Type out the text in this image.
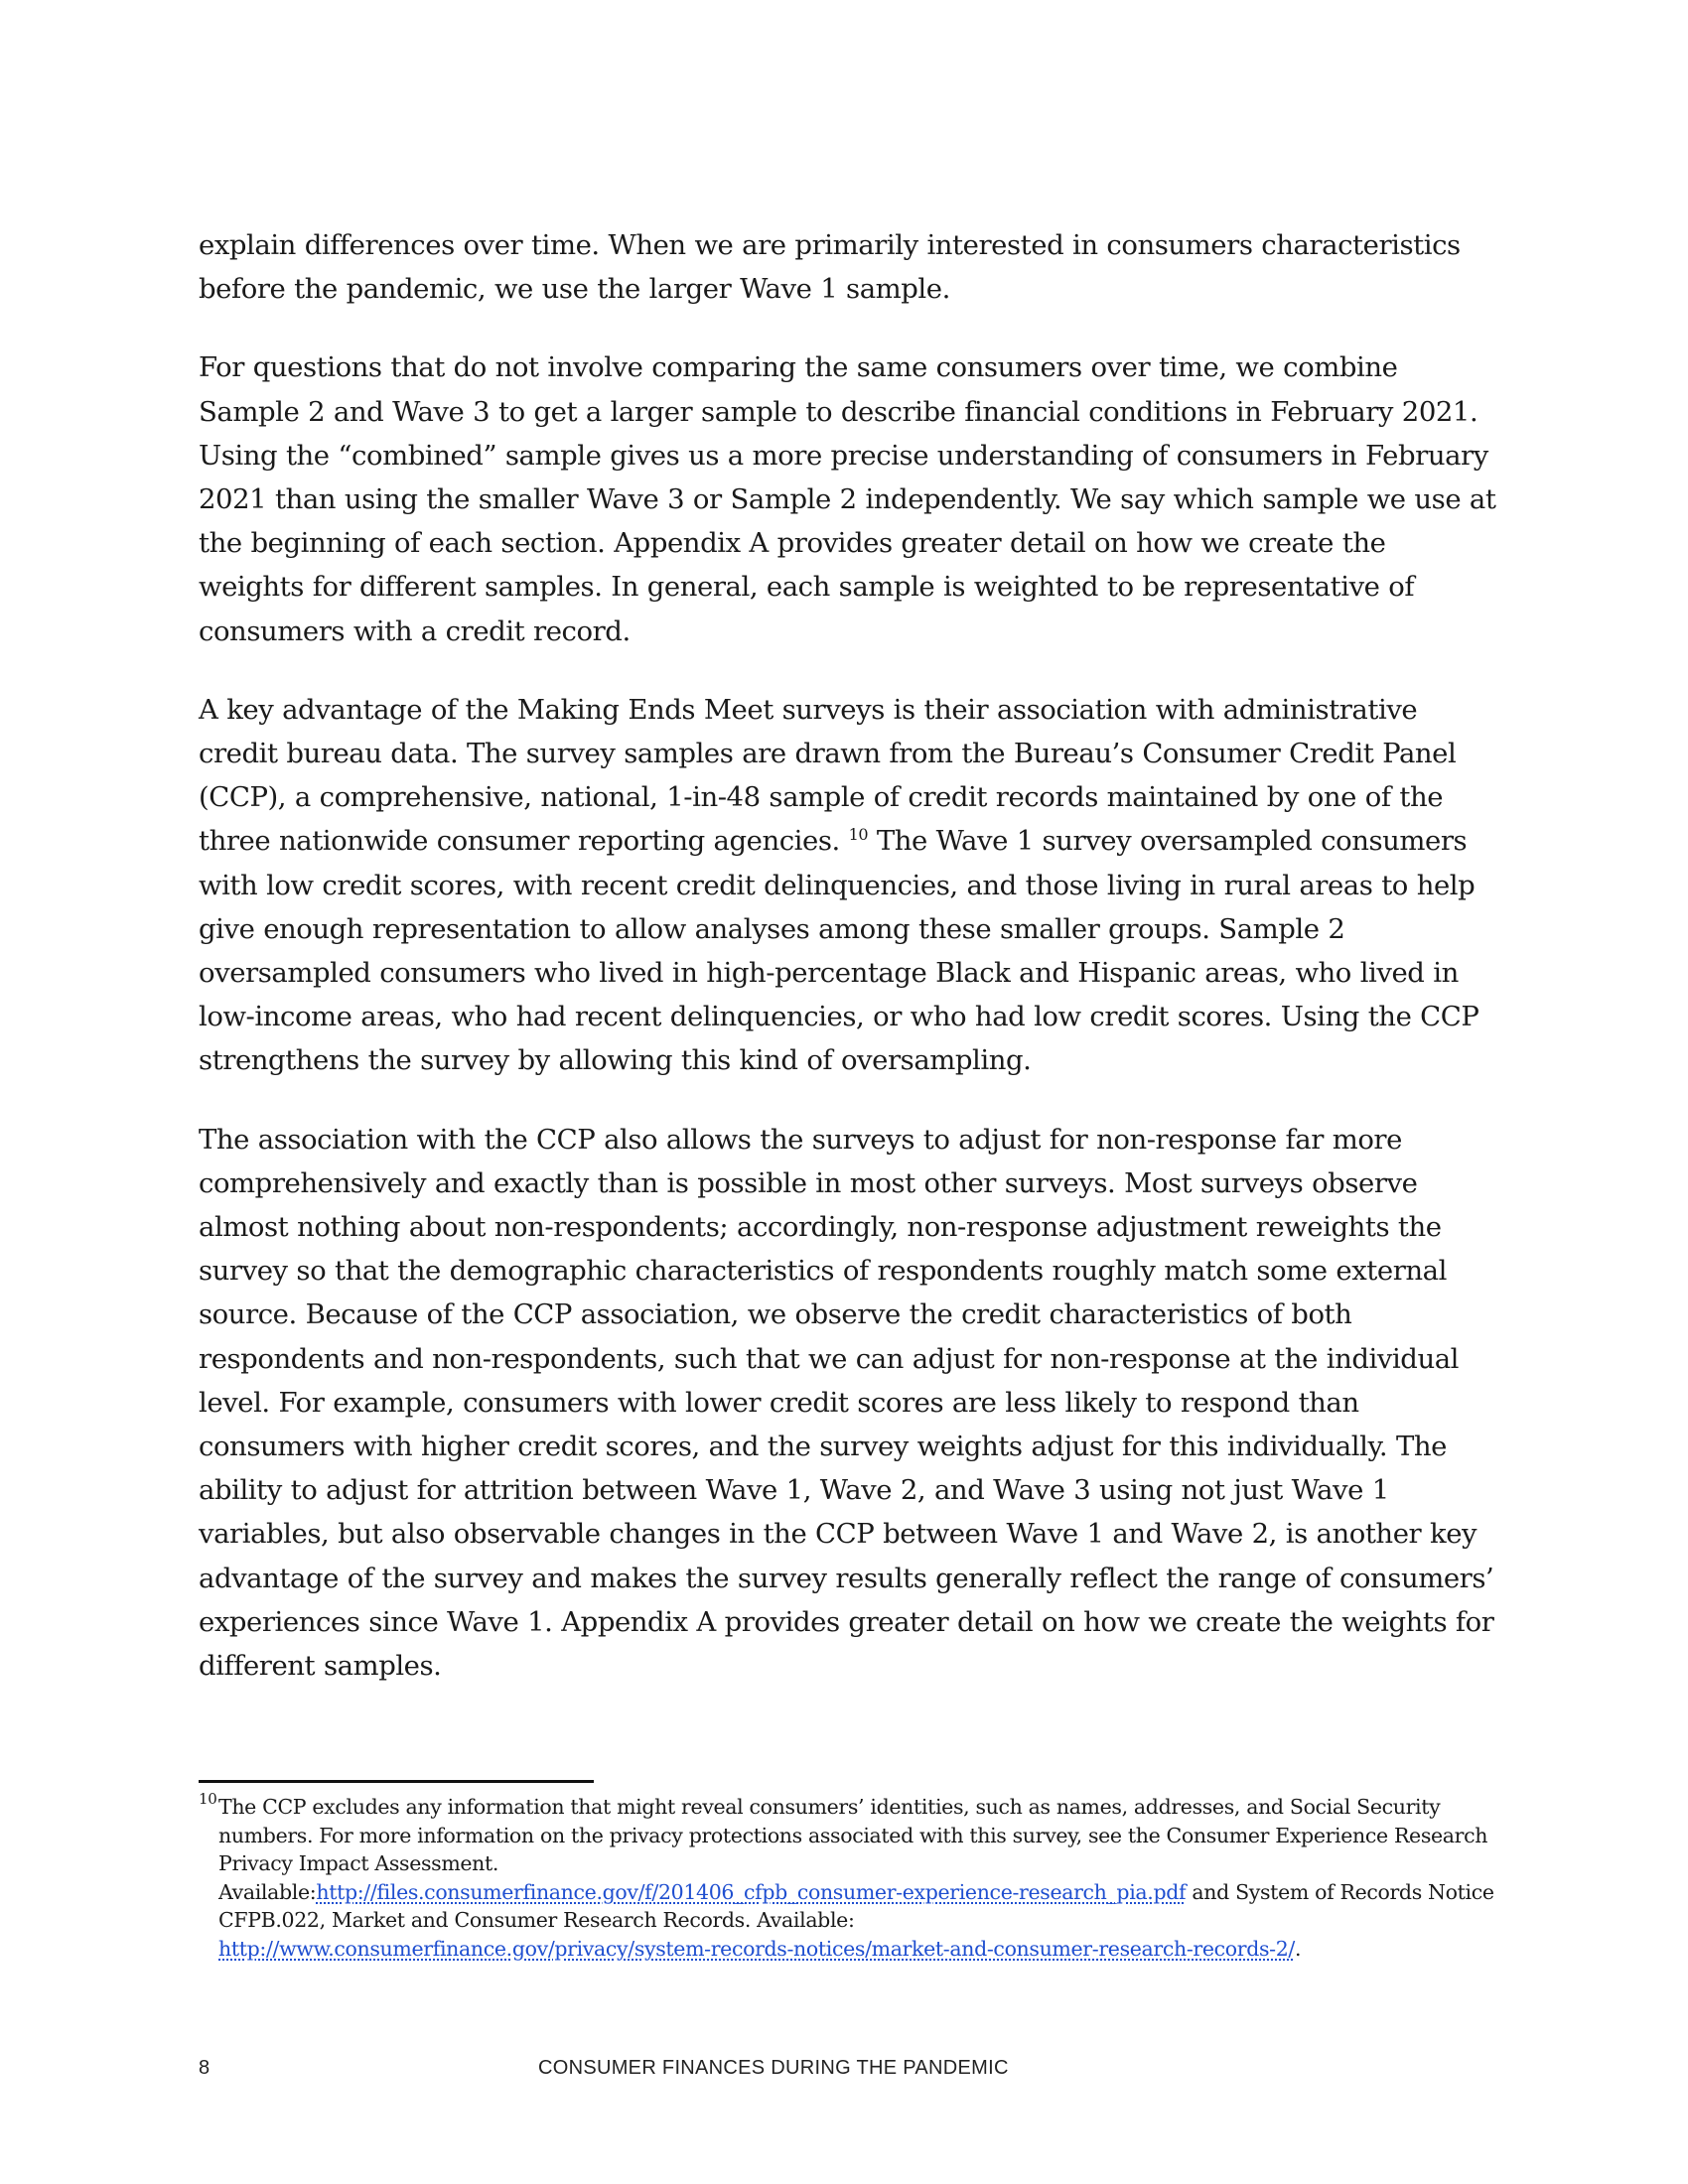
explain differences over time. When we are primarily interested in consumers characteristics before the pandemic, we use the larger Wave 1 sample.

For questions that do not involve comparing the same consumers over time, we combine Sample 2 and Wave 3 to get a larger sample to describe financial conditions in February 2021. Using the “combined” sample gives us a more precise understanding of consumers in February 2021 than using the smaller Wave 3 or Sample 2 independently. We say which sample we use at the beginning of each section. Appendix A provides greater detail on how we create the weights for different samples. In general, each sample is weighted to be representative of consumers with a credit record.

A key advantage of the Making Ends Meet surveys is their association with administrative credit bureau data. The survey samples are drawn from the Bureau’s Consumer Credit Panel (CCP), a comprehensive, national, 1-in-48 sample of credit records maintained by one of the three nationwide consumer reporting agencies. $^{10}$ The Wave 1 survey oversampled consumers with low credit scores, with recent credit delinquencies, and those living in rural areas to help give enough representation to allow analyses among these smaller groups. Sample 2 oversampled consumers who lived in high-percentage Black and Hispanic areas, who lived in low-income areas, who had recent delinquencies, or who had low credit scores. Using the CCP strengthens the survey by allowing this kind of oversampling.

The association with the CCP also allows the surveys to adjust for non-response far more comprehensively and exactly than is possible in most other surveys. Most surveys observe almost nothing about non-respondents; accordingly, non-response adjustment reweights the survey so that the demographic characteristics of respondents roughly match some external source. Because of the CCP association, we observe the credit characteristics of both respondents and non-respondents, such that we can adjust for non-response at the individual level. For example, consumers with lower credit scores are less likely to respond than consumers with higher credit scores, and the survey weights adjust for this individually. The ability to adjust for attrition between Wave 1, Wave 2, and Wave 3 using not just Wave 1 variables, but also observable changes in the CCP between Wave 1 and Wave 2, is another key advantage of the survey and makes the survey results generally reflect the range of consumers’ experiences since Wave 1. Appendix A provides greater detail on how we create the weights for different samples.

10 The CCP excludes any information that might reveal consumers’ identities, such as names, addresses, and Social Security numbers. For more information on the privacy protections associated with this survey, see the Consumer Experience Research Privacy Impact Assessment.
Available:http://files.consumerfinance.gov/f/201406_cfpb_consumer-experience-research_pia.pdf and System of Records Notice CFPB.022, Market and Consumer Research Records. Available:
http://www.consumerfinance.gov/privacy/system-records-notices/market-and-consumer-research-records-2/.
8	CONSUMER FINANCES DURING THE PANDEMIC
